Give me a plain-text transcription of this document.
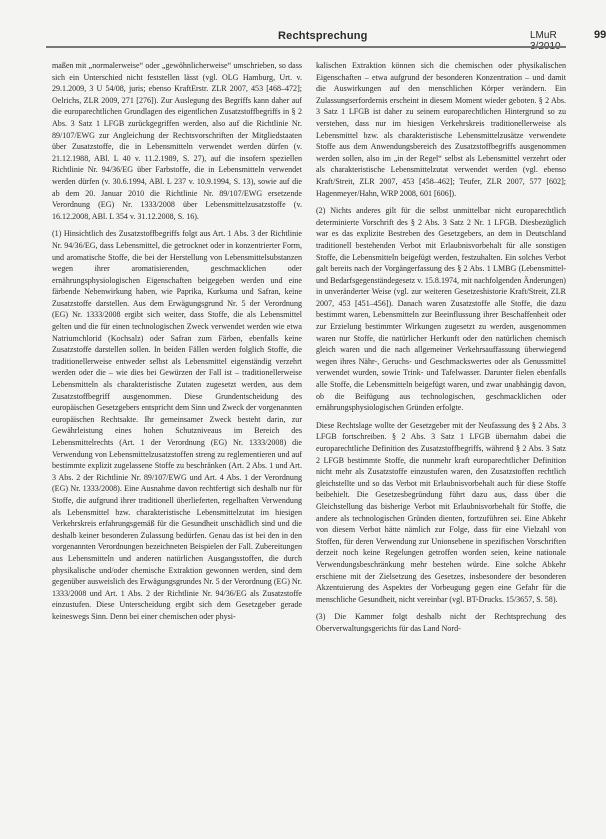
Rechtsprechung	LMuR	99

maßen mit „normalerweise“ oder „gewöhnlicherweise“ umschrieben, so dass sich ein Unterschied nicht feststellen lässt (vgl. OLG Hamburg, Urt. v. 29.1.2009, 3 U 54/08, juris; ebenso KraftErstr. ZLR 2007, 453 [468–472]; Oelrichs, ZLR 2009, 271 [276]). Zur Auslegung des Begriffs kann daher auf die europarechtlichen Grundlagen des eigentlichen Zusatzstoffbegriffs in § 2 Abs. 3 Satz 1 LFGB zurückgegriffen werden, also auf die Richtlinie Nr. 89/107/EWG zur Angleichung der Rechtsvorschriften der Mitgliedstaaten über Zusatzstoffe, die in Lebensmitteln verwendet werden dürfen (v. 21.12.1988, ABl. L 40 v. 11.2.1989, S. 27), auf die insofern speziellen Richtlinie Nr. 94/36/EG über Farbstoffe, die in Lebensmitteln verwendet werden dürfen (v. 30.6.1994, ABl. L 237 v. 10.9.1994, S. 13), sowie auf die ab dem 20. Januar 2010 die Richtlinie Nr. 89/107/EWG ersetzende Verordnung (EG) Nr. 1333/2008 über Lebensmittelzusatzstoffe (v. 16.12.2008, ABl. L 354 v. 31.12.2008, S. 16).

(1) Hinsichtlich des Zusatzstoffbegriffs folgt aus Art. 1 Abs. 3 der Richtlinie Nr. 94/36/EG, dass Lebensmittel, die getrocknet oder in konzentrierter Form, und aromatische Stoffe, die bei der Herstellung von Lebensmittelsubstanzen wegen ihrer aromatisierenden, geschmacklichen oder ernährungsphysiologischen Eigenschaften beigegeben werden und eine färbende Nebenwirkung haben, wie Paprika, Kurkuma und Safran, keine Zusatzstoffe darstellen. Aus dem Erwägungsgrund Nr. 5 der Verordnung (EG) Nr. 1333/2008 ergibt sich weiter, dass Stoffe, die als Lebensmittel gelten und die für einen technologischen Zweck verwendet werden wie etwa Natriumchlorid (Kochsalz) oder Safran zum Färben, ebenfalls keine Zusatzstoffe darstellen sollen. In beiden Fällen werden folglich Stoffe, die traditionellerweise entweder selbst als Lebensmittel eigenständig verzehrt werden oder die – wie dies bei Gewürzen der Fall ist – traditionellerweise Lebensmitteln als charakteristische Zutaten zugesetzt werden, aus dem Zusatzstoffbegriff ausgenommen. Diese Grundentscheidung des europäischen Gesetzgebers entspricht dem Sinn und Zweck der vorgenannten europäischen Rechtsakte. Ihr gemeinsamer Zweck besteht darin, zur Gewährleistung eines hohen Schutzniveaus im Bereich des Lebensmittelrechts (Art. 1 der Verordnung (EG) Nr. 1333/2008) die Verwendung von Lebensmittelzusatzstoffen streng zu reglementieren und auf bestimmte explizit zugelassene Stoffe zu beschränken (Art. 2 Abs. 1 und Art. 3 Abs. 2 der Richtlinie Nr. 89/107/EWG und Art. 4 Abs. 1 der Verordnung (EG) Nr. 1333/2008). Eine Ausnahme davon rechtfertigt sich deshalb nur für Stoffe, die aufgrund ihrer traditionell überlieferten, regelhaften Verwendung als Lebensmittel bzw. charakteristische Lebensmittelzutat im hiesigen Verkehrskreis erfahrungsgemäß für die Gesundheit unschädlich sind und die deshalb keiner besonderen Zulassung bedürfen. Genau das ist bei den in den vorgenannten Verordnungen bezeichneten Beispielen der Fall. Zubereitungen aus Lebensmitteln und anderen natürlichen Ausgangsstoffen, die durch physikalische und/oder chemische Extraktion gewonnen werden, sind dem gegenüber ausweislich des Erwägungsgrundes Nr. 5 der Verordnung (EG) Nr. 1333/2008 und Art. 1 Abs. 2 der Richtlinie Nr. 94/36/EG als Zusatzstoffe einzustufen. Diese Unterscheidung ergibt sich dem Gesetzgeber gerade keineswegs Sinn. Denn bei einer chemischen oder physi-

kalischen Extraktion können sich die chemischen oder physikalischen Eigenschaften – etwa aufgrund der besonderen Konzentration – und damit die Auswirkungen auf den menschlichen Körper verändern. Ein Zulassungserfordernis erscheint in diesem Moment wieder geboten. § 2 Abs. 3 Satz 1 LFGB ist daher zu seinem europarechtlichen Hintergrund so zu verstehen, dass nur im hiesigen Verkehrskreis traditionellerweise als Lebensmittel bzw. als charakteristische Lebensmittelzusätze verwendete Stoffe aus dem Anwendungsbereich des Zusatzstoffbegriffs ausgenommen werden sollen, also im „in der Regel“ selbst als Lebensmittel verzehrt oder als charakteristische Lebensmittelzutat verwendet werden (vgl. ebenso Kraft/Streit, ZLR 2007, 453 [458–462]; Teufer, ZLR 2007, 577 [602]; Hagenmeyer/Hahn, WRP 2008, 601 [606]).

(2) Nichts anderes gilt für die selbst unmittelbar nicht europarechtlich determinierte Vorschrift des § 2 Abs. 3 Satz 2 Nr. 1 LFGB. Diesbezüglich war es das explizite Bestreben des Gesetzgebers, an dem in Deutschland traditionell bestehenden Verbot mit Erlaubnisvorbehalt für alle sonstigen Stoffe, die Lebensmitteln beigefügt werden, festzuhalten. Ein solches Verbot galt bereits nach der Vorgängerfassung des § 2 Abs. 1 LMBG (Lebensmittel- und Bedarfsgegenständegesetz v. 15.8.1974, mit nachfolgenden Änderungen) in unveränderter Weise (vgl. zur weiteren Gesetzeshistorie Kraft/Streit, ZLR 2007, 453 [451–456]). Danach waren Zusatzstoffe alle Stoffe, die dazu bestimmt waren, Lebensmitteln zur Beeinflussung ihrer Beschaffenheit oder zur Erzielung bestimmter Wirkungen zugesetzt zu werden, ausgenommen waren nur Stoffe, die natürlicher Herkunft oder den natürlichen chemisch gleich waren und die nach allgemeiner Verkehrsauffassung überwiegend wegen ihres Nähr-, Geruchs- und Geschmackswertes oder als Genussmittel verwendet wurden, sowie Trink- und Tafelwasser. Darunter fielen ebenfalls alle Stoffe, die Lebensmitteln beigefügt waren, und zwar unabhängig davon, ob die Beifügung aus technologischen, geschmacklichen oder ernährungsphysiologischen Gründen erfolgte.

Diese Rechtslage wollte der Gesetzgeber mit der Neufassung des § 2 Abs. 3 LFGB fortschreiben. § 2 Abs. 3 Satz 1 LFGB übernahm dabei die europarechtliche Definition des Zusatzstoffbegriffs, während § 2 Abs. 3 Satz 2 LFGB bestimmte Stoffe, die nunmehr kraft europarechtlicher Definition nicht mehr als Zusatzstoffe einzustufen waren, den Zusatzstoffen rechtlich gleichstellte und so das Verbot mit Erlaubnisvorbehalt auch für diese Stoffe beibehielt. Die Gesetzesbegründung führt dazu aus, dass über die Gleichstellung das bisherige Verbot mit Erlaubnisvorbehalt für Stoffe, die andere als technologischen Gründen dienten, fortzuführen sei. Eine Abkehr von diesem Verbot hätte nämlich zur Folge, dass für eine Vielzahl von Stoffen, für deren Verwendung zur Unionsebene in spezifischen Vorschriften derzeit noch keine Regelungen getroffen worden seien, keine nationale Verwendungsbeschränkung mehr bestehen würde. Eine solche Abkehr erschiene mit der Zielsetzung des Gesetzes, insbesondere der besonderen Akzentuierung des Aspektes der Vorbeugung gegen eine Gefahr für die menschliche Gesundheit, nicht vereinbar (vgl. BT-Drucks. 15/3657, S. 58).

(3) Die Kammer folgt deshalb nicht der Rechtsprechung des Oberverwaltungsgerichts für das Land Nord-
